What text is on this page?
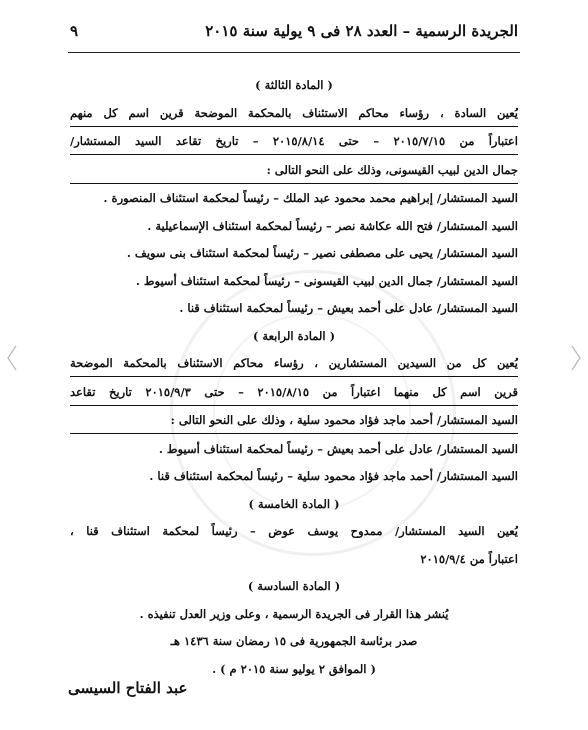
الجريدة الرسمية – العدد ٢٨ فى ٩ يولية سنة ٢٠١٥
٩
( المادة الثالثة )
يُعين السادة ، رؤساء محاكم الاستئناف بالمحكمة الموضحة قرين اسم كل منهم
اعتباراً من ٢٠١٥/٧/١٥ – حتى ٢٠١٥/٨/١٤ – تاريخ تقاعد السيد المستشار/
جمال الدين لبيب القيسونى، وذلك على النحو التالى :
السيد المستشار/ إبراهيم محمد محمود عبد الملك – رئيساً لمحكمة استئناف المنصورة .
السيد المستشار/ فتح الله عكاشة نصر – رئيساً لمحكمة استئناف الإسماعيلية .
السيد المستشار/ يحيى على مصطفى نصير – رئيساً لمحكمة استئناف بنى سويف .
السيد المستشار/ جمال الدين لبيب القيسونى – رئيساً لمحكمة استئناف أسيوط .
السيد المستشار/ عادل على أحمد بعيش – رئيساً لمحكمة استئناف قنا .
( المادة الرابعة )
يُعين كل من السيدين المستشارين ، رؤساء محاكم الاستئناف بالمحكمة الموضحة
قرين اسم كل منهما اعتباراً من ٢٠١٥/٨/١٥ – حتى ٢٠١٥/٩/٣ تاريخ تقاعد
السيد المستشار/ أحمد ماجد فؤاد محمود سلية ، وذلك على النحو التالى :
السيد المستشار/ عادل على أحمد بعيش – رئيساً لمحكمة استئناف أسيوط .
السيد المستشار/ أحمد ماجد فؤاد محمود سلية – رئيساً لمحكمة استئناف قنا .
( المادة الخامسة )
يُعين السيد المستشار/ ممدوح يوسف عوض – رئيساً لمحكمة استئناف قنا ،
اعتباراً من ٢٠١٥/٩/٤
( المادة السادسة )
يُنشر هذا القرار فى الجريدة الرسمية ، وعلى وزير العدل تنفيذه .
صدر برئاسة الجمهورية فى ١٥ رمضان سنة ١٤٣٦ هـ
( الموافق ٢ يوليو سنة ٢٠١٥ م ) .
عبد الفتاح السيسى
